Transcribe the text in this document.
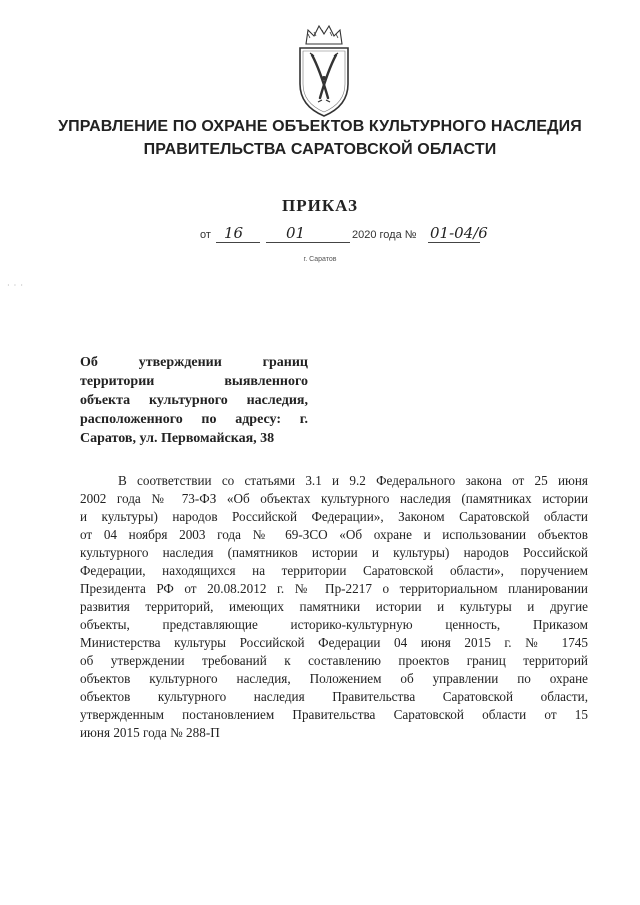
УПРАВЛЕНИЕ ПО ОХРАНЕ ОБЪЕКТОВ КУЛЬТУРНОГО НАСЛЕДИЯ
ПРАВИТЕЛЬСТВА САРАТОВСКОЙ ОБЛАСТИ
ПРИКАЗ
от 16	01	2020 года № 01-04/6
г. Саратов
· · ·
Об утверждении границ
территории выявленного
объекта культурного наследия,
расположенного по адресу: г.
Саратов, ул. Первомайская, 38
В соответствии со статьями 3.1 и 9.2 Федерального закона от 25 июня
2002 года № 73-ФЗ «Об объектах культурного наследия (памятниках истории
и культуры) народов Российской Федерации», Законом Саратовской области
от 04 ноября 2003 года № 69-ЗСО «Об охране и использовании объектов
культурного наследия (памятников истории и культуры) народов Российской
Федерации, находящихся на территории Саратовской области», поручением
Президента РФ от 20.08.2012 г. № Пр-2217 о территориальном планировании
развития территорий, имеющих памятники истории и культуры и другие
объекты, представляющие историко-культурную ценность, Приказом
Министерства культуры Российской Федерации 04 июня 2015 г. № 1745
об утверждении требований к составлению проектов границ территорий
объектов культурного наследия, Положением об управлении по охране
объектов культурного наследия Правительства Саратовской области,
утвержденным постановлением Правительства Саратовской области от 15
июня 2015 года № 288-П
